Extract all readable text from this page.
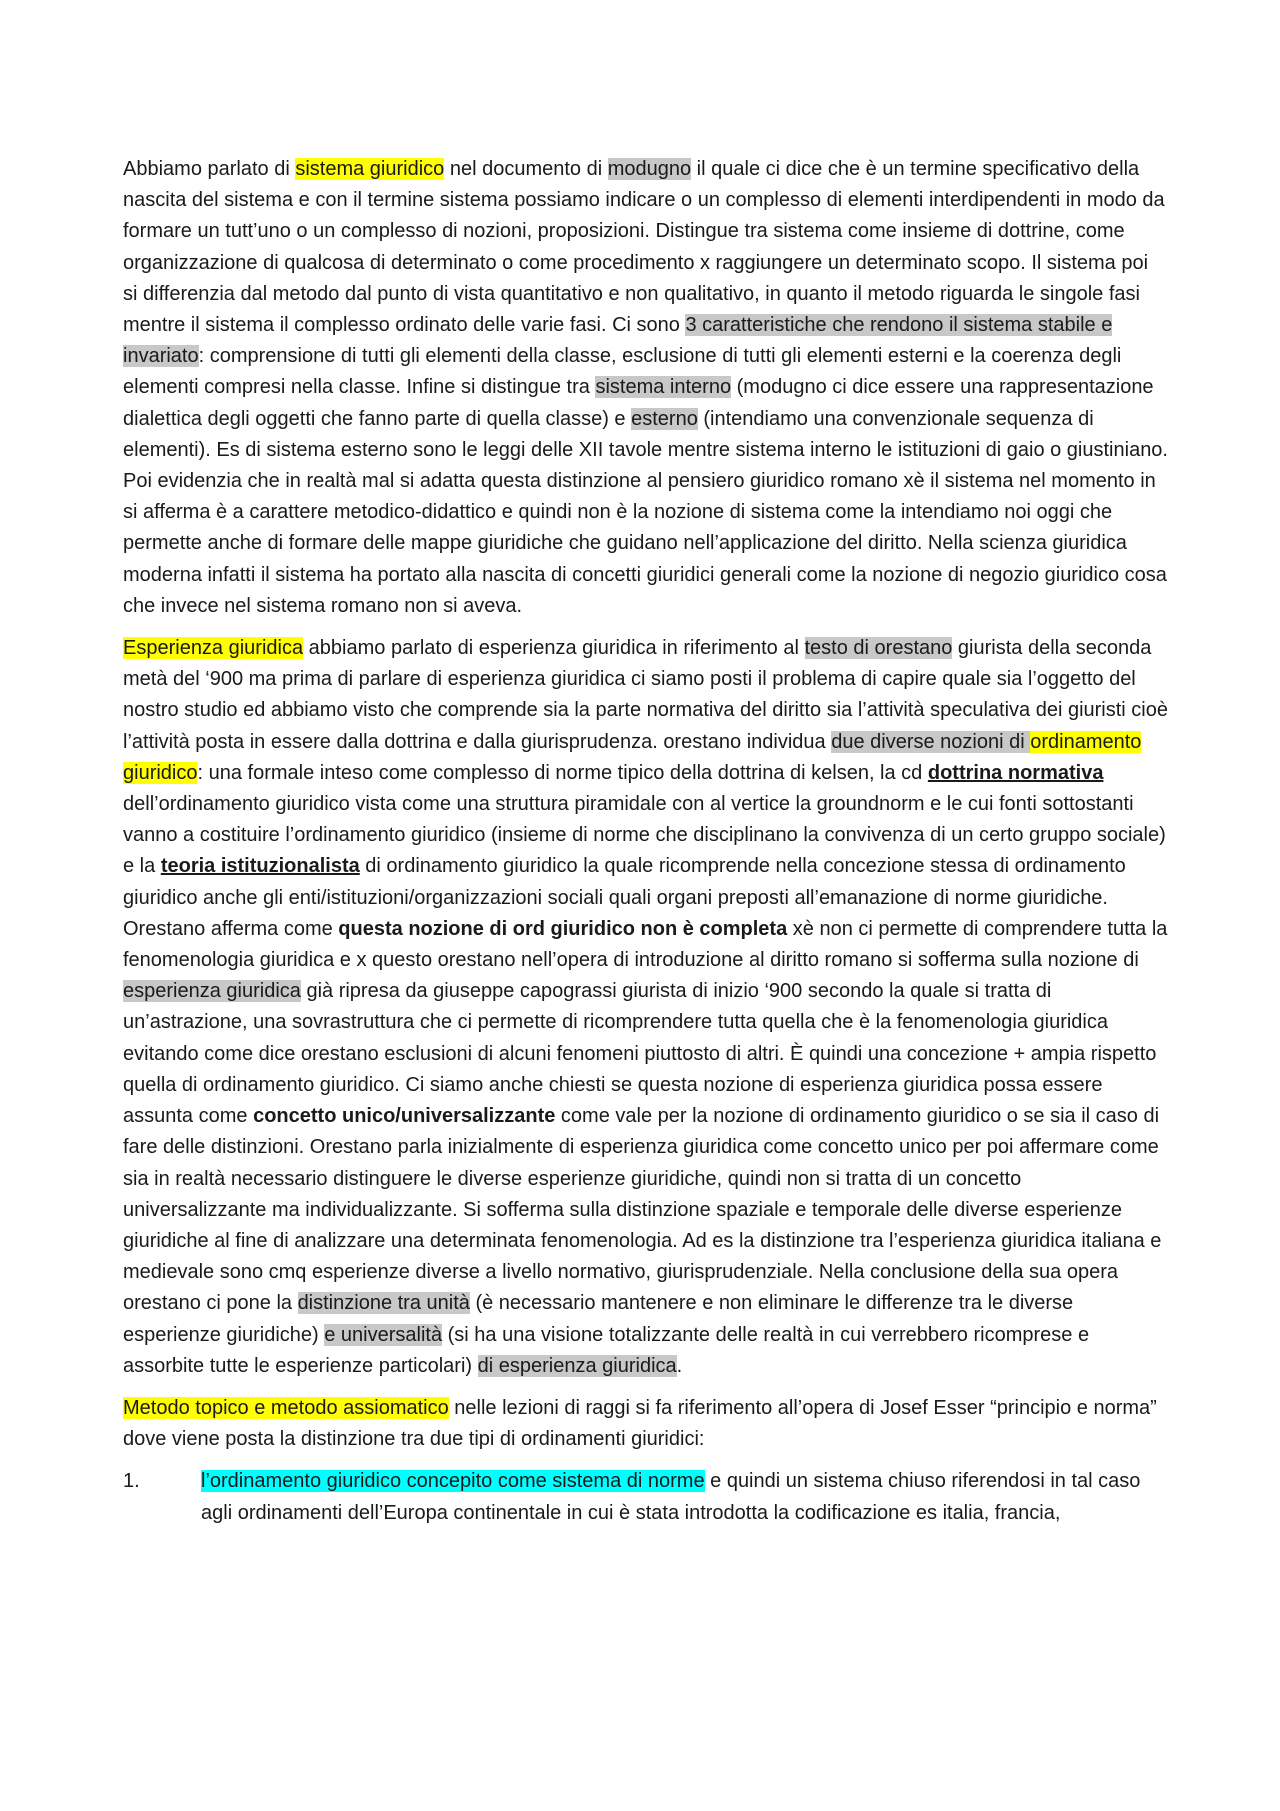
Abbiamo parlato di sistema giuridico nel documento di modugno il quale ci dice che è un termine specificativo della nascita del sistema e con il termine sistema possiamo indicare o un complesso di elementi interdipendenti in modo da formare un tutt’uno o un complesso di nozioni, proposizioni. Distingue tra sistema come insieme di dottrine, come organizzazione di qualcosa di determinato o come procedimento x raggiungere un determinato scopo. Il sistema poi si differenzia dal metodo dal punto di vista quantitativo e non qualitativo, in quanto il metodo riguarda le singole fasi mentre il sistema il complesso ordinato delle varie fasi. Ci sono 3 caratteristiche che rendono il sistema stabile e invariato: comprensione di tutti gli elementi della classe, esclusione di tutti gli elementi esterni e la coerenza degli elementi compresi nella classe. Infine si distingue tra sistema interno (modugno ci dice essere una rappresentazione dialettica degli oggetti che fanno parte di quella classe) e esterno (intendiamo una convenzionale sequenza di elementi). Es di sistema esterno sono le leggi delle XII tavole mentre sistema interno le istituzioni di gaio o giustiniano. Poi evidenzia che in realtà mal si adatta questa distinzione al pensiero giuridico romano xè il sistema nel momento in si afferma è a carattere metodico-didattico e quindi non è la nozione di sistema come la intendiamo noi oggi che permette anche di formare delle mappe giuridiche che guidano nell’applicazione del diritto. Nella scienza giuridica moderna infatti il sistema ha portato alla nascita di concetti giuridici generali come la nozione di negozio giuridico cosa che invece nel sistema romano non si aveva.

Esperienza giuridica abbiamo parlato di esperienza giuridica in riferimento al testo di orestano giurista della seconda metà del ‘900 ma prima di parlare di esperienza giuridica ci siamo posti il problema di capire quale sia l’oggetto del nostro studio ed abbiamo visto che comprende sia la parte normativa del diritto sia l’attività speculativa dei giuristi cioè l’attività posta in essere dalla dottrina e dalla giurisprudenza. orestano individua due diverse nozioni di ordinamento giuridico: una formale inteso come complesso di norme tipico della dottrina di kelsen, la cd dottrina normativa dell’ordinamento giuridico vista come una struttura piramidale con al vertice la groundnorm e le cui fonti sottostanti vanno a costituire l’ordinamento giuridico (insieme di norme che disciplinano la convivenza di un certo gruppo sociale) e la teoria istituzionalista di ordinamento giuridico la quale ricomprende nella concezione stessa di ordinamento giuridico anche gli enti/istituzioni/organizzazioni sociali quali organi preposti all’emanazione di norme giuridiche. Orestano afferma come questa nozione di ord giuridico non è completa xè non ci permette di comprendere tutta la fenomenologia giuridica e x questo orestano nell’opera di introduzione al diritto romano si sofferma sulla nozione di esperienza giuridica già ripresa da giuseppe capograssi giurista di inizio ‘900 secondo la quale si tratta di un’astrazione, una sovrastruttura che ci permette di ricomprendere tutta quella che è la fenomenologia giuridica evitando come dice orestano esclusioni di alcuni fenomeni piuttosto di altri. È quindi una concezione + ampia rispetto quella di ordinamento giuridico. Ci siamo anche chiesti se questa nozione di esperienza giuridica possa essere assunta come concetto unico/universalizzante come vale per la nozione di ordinamento giuridico o se sia il caso di fare delle distinzioni. Orestano parla inizialmente di esperienza giuridica come concetto unico per poi affermare come sia in realtà necessario distinguere le diverse esperienze giuridiche, quindi non si tratta di un concetto universalizzante ma individualizzante. Si sofferma sulla distinzione spaziale e temporale delle diverse esperienze giuridiche al fine di analizzare una determinata fenomenologia. Ad es la distinzione tra l’esperienza giuridica italiana e medievale sono cmq esperienze diverse a livello normativo, giurisprudenziale. Nella conclusione della sua opera orestano ci pone la distinzione tra unità (è necessario mantenere e non eliminare le differenze tra le diverse esperienze giuridiche) e universalità (si ha una visione totalizzante delle realtà in cui verrebbero ricomprese e assorbite tutte le esperienze particolari) di esperienza giuridica.

Metodo topico e metodo assiomatico nelle lezioni di raggi si fa riferimento all’opera di Josef Esser “principio e norma” dove viene posta la distinzione tra due tipi di ordinamenti giuridici:

1.	l’ordinamento giuridico concepito come sistema di norme e quindi un sistema chiuso riferendosi in tal caso agli ordinamenti dell’Europa continentale in cui è stata introdotta la codificazione es italia, francia,
